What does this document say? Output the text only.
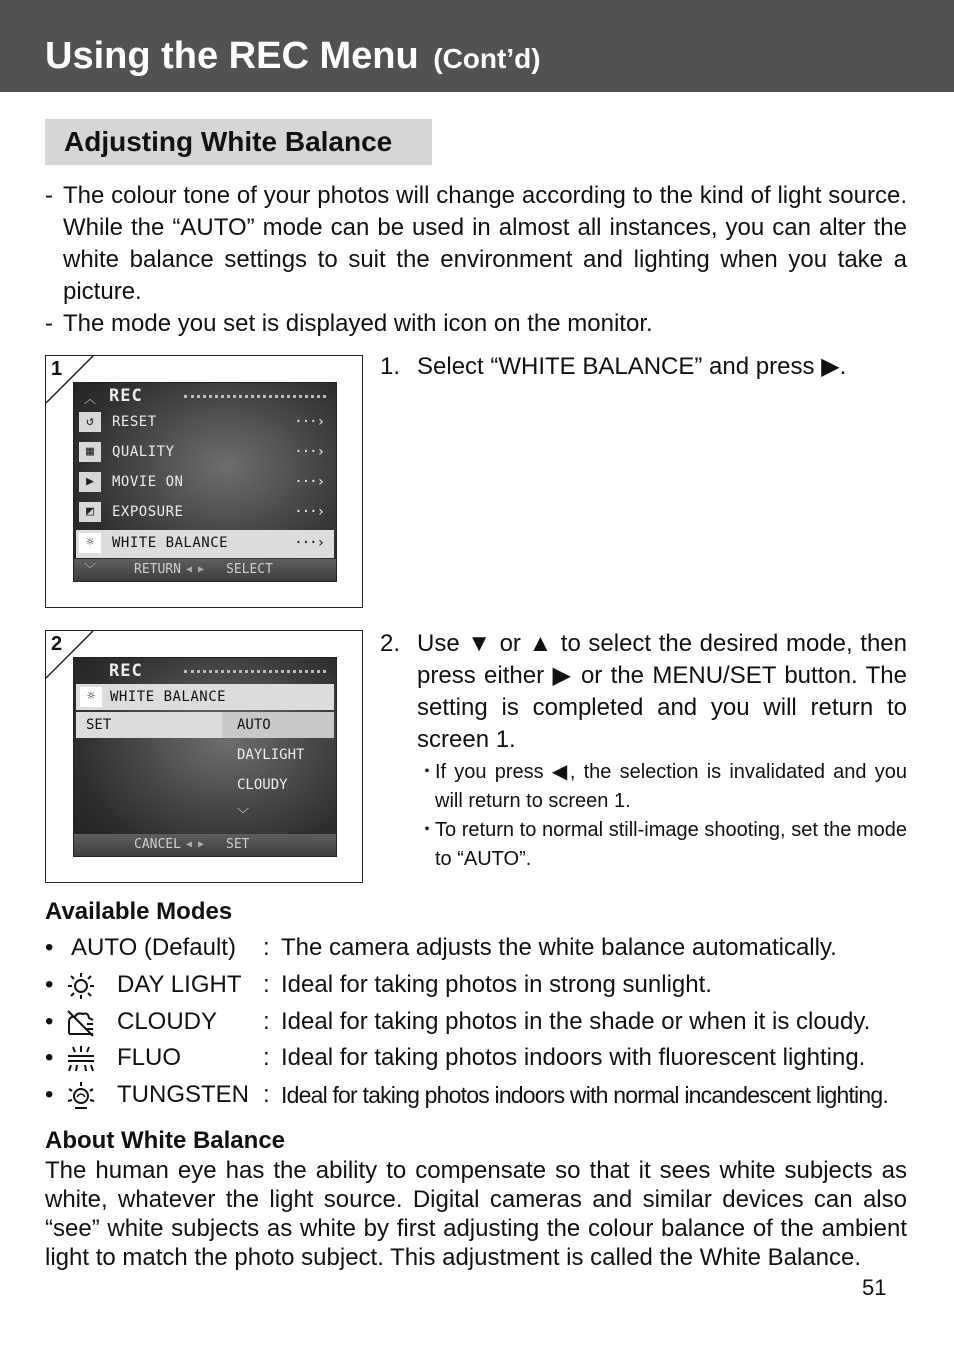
Using the REC Menu (Cont’d)
Adjusting White Balance
- The colour tone of your photos will change according to the kind of light source. While the “AUTO” mode can be used in almost all instances, you can alter the white balance settings to suit the environment and lighting when you take a picture.
- The mode you set is displayed with icon on the monitor.
1
︿ REC
↺	RESET	···›
▦	QUALITY	···›
▶	MOVIE ON	···›
◩	EXPOSURE	···›
☼	WHITE BALANCE	···›
﹀	RETURN ◀ ▶ SELECT
2
REC
☼	WHITE BALANCE
SET	AUTO
DAYLIGHT
CLOUDY
﹀
CANCEL ◀ ▶ SET
1. Select “WHITE BALANCE” and press ▶.
2. Use ▼ or ▲ to select the desired mode, then press either ▶ or the MENU/SET button. The setting is completed and you will return to screen 1.
・
If you press ◀, the selection is invalidated and you will return to screen 1.
・
To return to normal still-image shooting, set the mode to “AUTO”.
Available Modes
• AUTO (Default) : The camera adjusts the white balance automatically.
•	DAY LIGHT : Ideal for taking photos in strong sunlight.
•	CLOUDY : Ideal for taking photos in the shade or when it is cloudy.
•	FLUO	: Ideal for taking photos indoors with fluorescent lighting.
•	TUNGSTEN : Ideal for taking photos indoors with normal incandescent lighting.
About White Balance
The human eye has the ability to compensate so that it sees white subjects as white, whatever the light source. Digital cameras and similar devices can also “see” white subjects as white by first adjusting the colour balance of the ambient light to match the photo subject. This adjustment is called the White Balance.
51
